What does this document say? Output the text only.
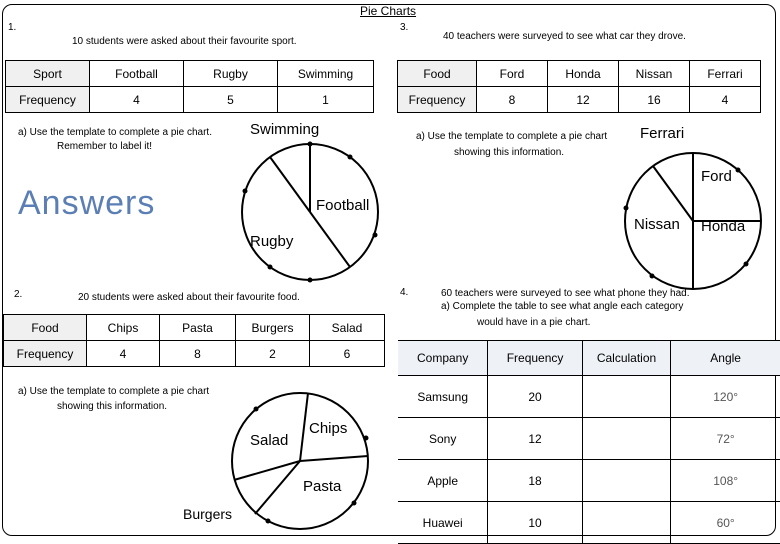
Pie Charts
1.
10 students were asked about their favourite sport.
Sport	Football	Rugby	Swimming
Frequency	4	5	1
a) Use the template to complete a pie chart.
Remember to label it!
Answers
Swimming
Football
Rugby
2.	20 students were asked about their favourite food.
Food	Chips	Pasta	Burgers	Salad
Frequency	4	8	2	6
a) Use the template to complete a pie chart
showing this information.
Salad
Chips
Pasta
Burgers
3.
40 teachers were surveyed to see what car they drove.
Food	Ford	Honda	Nissan	Ferrari
Frequency	8	12	16	4
a) Use the template to complete a pie chart
showing this information.
Ferrari
Ford
Nissan Honda
4.	60 teachers were surveyed to see what phone they had.
a) Complete the table to see what angle each category
would have in a pie chart.
Company	Frequency	Calculation	Angle
Samsung	20		120°
Sony	12		72°
Apple	18		108°
Huawei	10		60°
